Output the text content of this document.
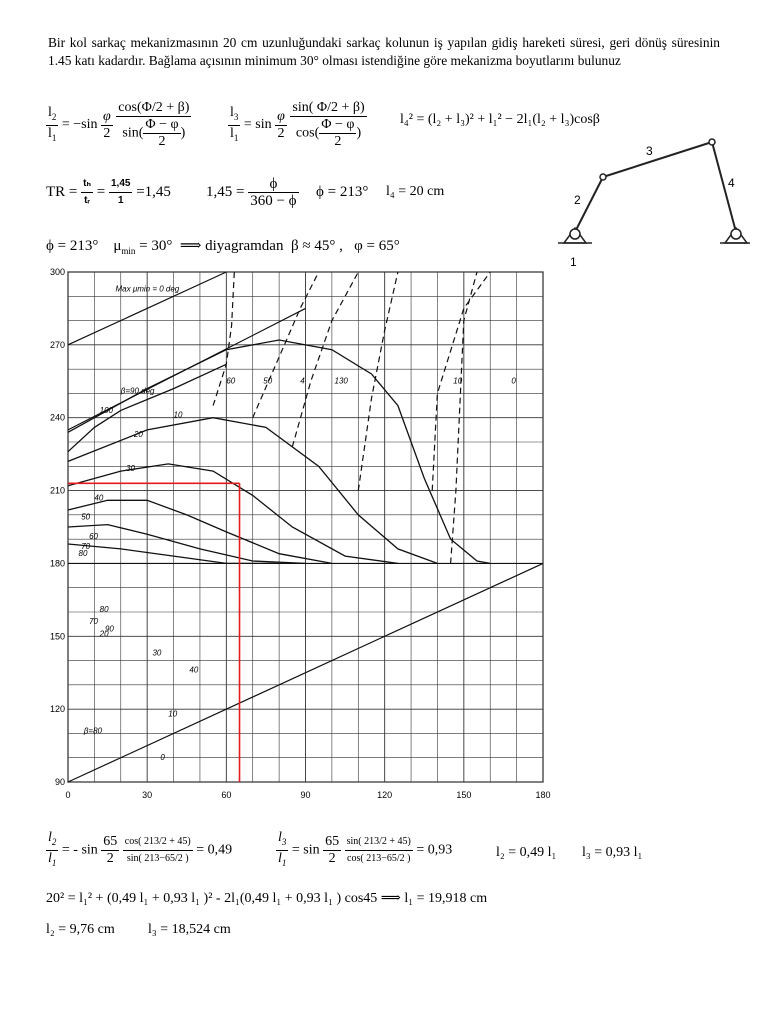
Bir kol sarkaç mekanizmasının 20 cm uzunluğundaki sarkaç kolunun iş yapılan gidiş hareketi süresi, geri dönüş süresinin 1.45 katı kadardır. Bağlama açısının minimum 30° olması istendiğine göre mekanizma boyutlarını bulunuz
$\frac{l_2}{l_1} = -\sin \frac{\varphi}{2}$
$\frac{\cos(\Phi/2 + \beta)}{\sin( \frac{\Phi - \varphi}{2} )}$	$\frac{l_3}{l_1} = \sin \frac{\varphi}{2}$
$\frac{\sin( \Phi/2 + \beta)}{\cos( \frac{\Phi - \varphi}{2} )} l_4^2 = (l_2 + l_3)^2 + l_1^2 - 2l_1(l_2 + l_3)\cos\beta$
TR = $\frac{\text{tₕ}}{\text{tᵣ}} = \frac{1,45}{1} =1,45$ $1,45 = \frac{\phi}{360 - \phi}$ ϕ = 213° l₄ = 20 cm
ϕ = 213° $\mu_{min} = 30^\circ$ ⟹ diyagramdan β ≈ 45° , φ = 65°
1
2
3
4
0	30	60	90	120	150	180
90
120
150
180
210
240
270
300
10
20
30
40
50
60
70
80
100
0
60	50
40
30
20
10
70
4	130	10	0
90
80
Max μmin = 0 deg
β=90 deg
β=80
$\frac{l_2}{l_1}$ = - $\sin \frac{65}{2}$
$\frac{\cos( 213/2 + 45)}{\sin( 213-65/2 )} = 0,49$	$\frac{l_3}{l_1} = \sin \frac{65}{2}$
$\frac{\sin( 213/2 + 45)}{\cos( 213-65/2 )} = 0,93$	l₂ = 0,49 l₁ l₃ = 0,93 l₁
20² = l₁² + (0,49 l₁ + 0,93 l₁ )² - 2l₁(0,49 l₁ + 0,93 l₁ ) cos45 ⟹ l₁ = 19,918 cm
l₂ = 9,76 cm l₃ = 18,524 cm
